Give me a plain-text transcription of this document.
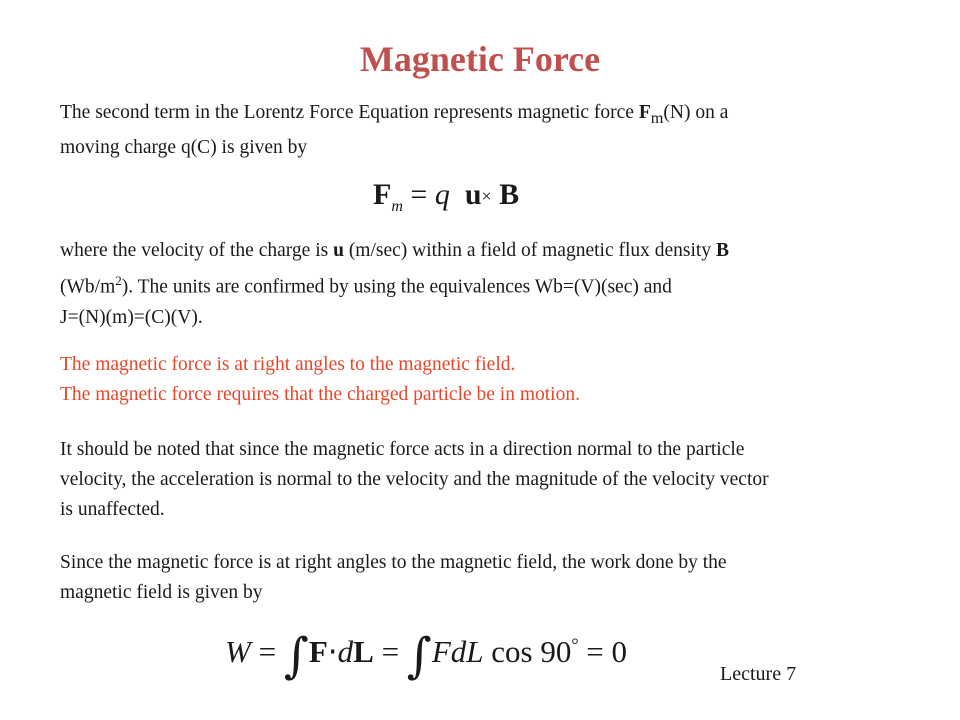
Magnetic Force
The second term in the Lorentz Force Equation represents magnetic force $F_m(N)$ on a
moving charge q(C) is given by
$F_m = q$ u× B
where the velocity of the charge is u (m/sec) within a field of magnetic flux density B
$(Wb/m^2)$. The units are confirmed by using the equivalences Wb=(V)(sec) and
J=(N)(m)=(C)(V).
The magnetic force is at right angles to the magnetic field.
The magnetic force requires that the charged particle be in motion.
It should be noted that since the magnetic force acts in a direction normal to the particle
velocity, the acceleration is normal to the velocity and the magnitude of the velocity vector
is unaffected.
Since the magnetic force is at right angles to the magnetic field, the work done by the
magnetic field is given by
W = ∫F⋅dL = ∫FdL cos 90° = 0
Lecture 7
